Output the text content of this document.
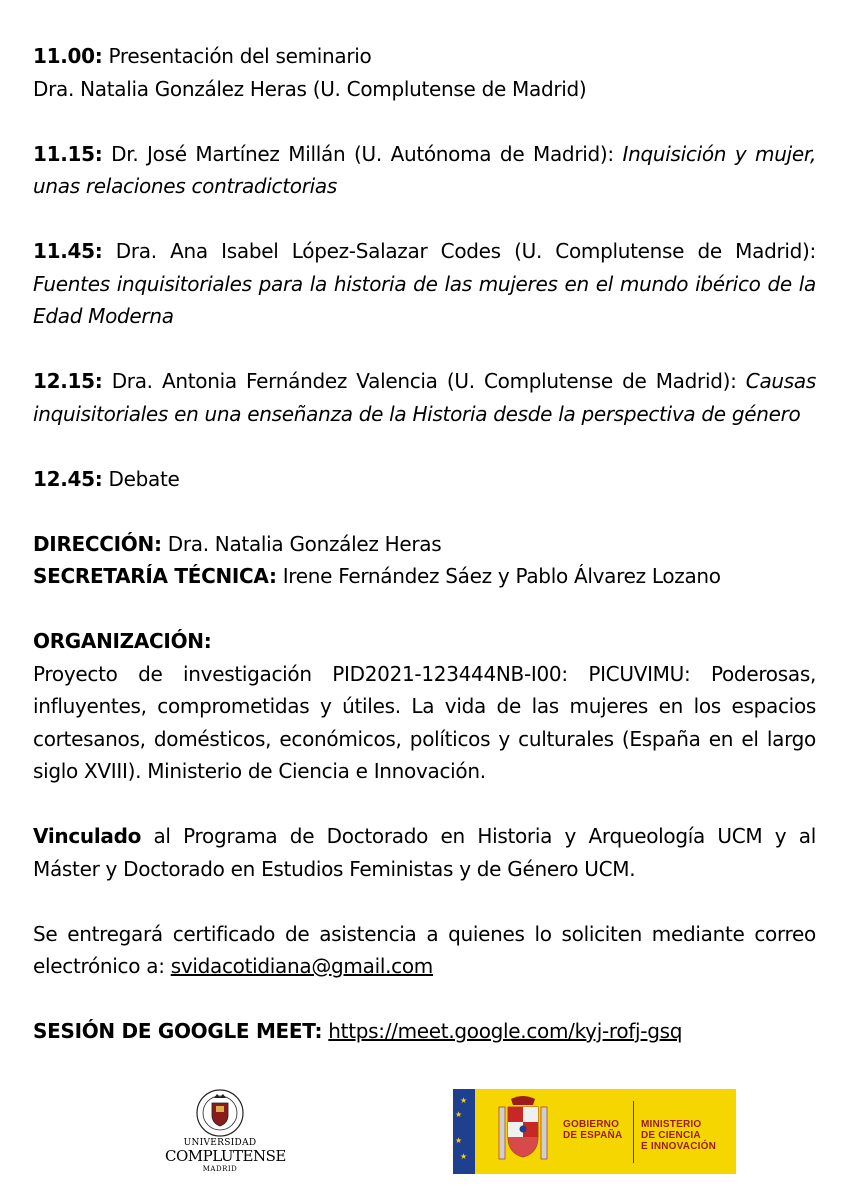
11.00: Presentación del seminario

Dra. Natalia González Heras (U. Complutense de Madrid)

11.15: Dr. José Martínez Millán (U. Autónoma de Madrid): Inquisición y mujer, unas relaciones contradictorias

11.45: Dra. Ana Isabel López-Salazar Codes (U. Complutense de Madrid): Fuentes inquisitoriales para la historia de las mujeres en el mundo ibérico de la Edad Moderna

12.15: Dra. Antonia Fernández Valencia (U. Complutense de Madrid): Causas inquisitoriales en una enseñanza de la Historia desde la perspectiva de género

12.45: Debate

DIRECCIÓN: Dra. Natalia González Heras

SECRETARÍA TÉCNICA: Irene Fernández Sáez y Pablo Álvarez Lozano

ORGANIZACIÓN:

Proyecto de investigación PID2021-123444NB-I00: PICUVIMU: Poderosas, influyentes, comprometidas y útiles. La vida de las mujeres en los espacios cortesanos, domésticos, económicos, políticos y culturales (España en el largo siglo XVIII). Ministerio de Ciencia e Innovación.

Vinculado al Programa de Doctorado en Historia y Arqueología UCM y al Máster y Doctorado en Estudios Feministas y de Género UCM.

Se entregará certificado de asistencia a quienes lo soliciten mediante correo electrónico a: svidacotidiana@gmail.com

SESIÓN DE GOOGLE MEET: https://meet.google.com/kyj-rofj-gsq

UNIVERSIDAD
COMPLUTENSE
MADRID
★
★
★
★
GOBIERNO
DE ESPAÑA
MINISTERIO
DE CIENCIA
E INNOVACIÓN
